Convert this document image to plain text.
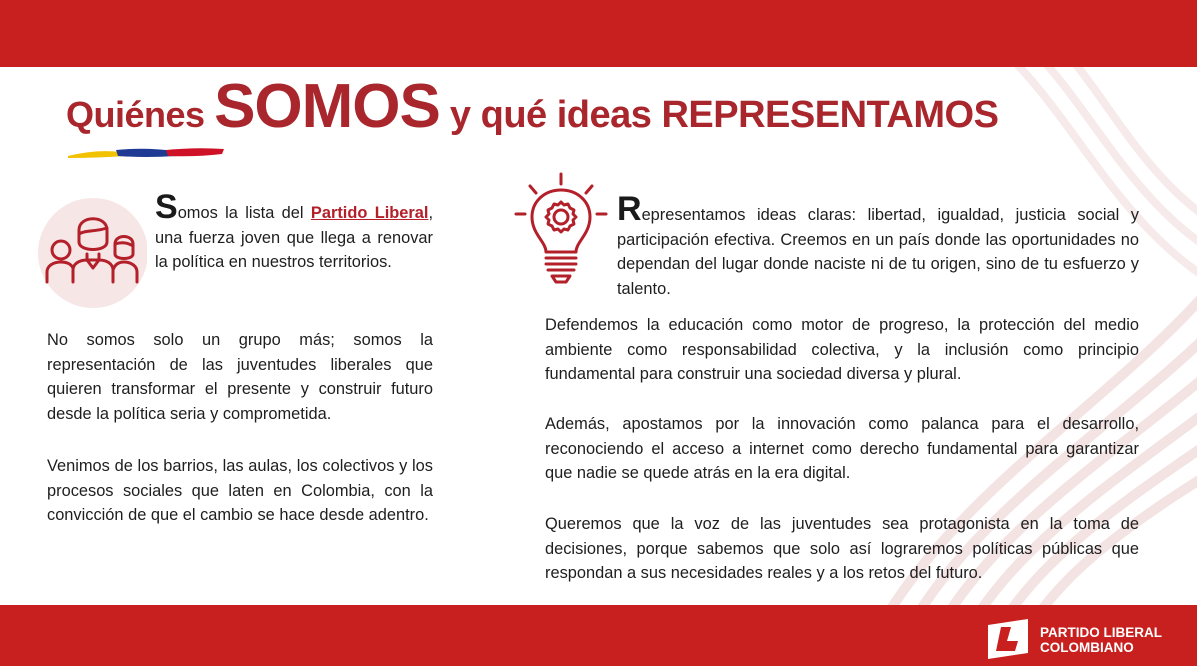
Quiénes SOMOS y qué ideas REPRESENTAMOS
Somos la lista del Partido Liberal, una fuerza joven que llega a renovar la política en nuestros territorios.
No somos solo un grupo más; somos la representación de las juventudes liberales que quieren transformar el presente y construir futuro desde la política seria y comprometida.
Venimos de los barrios, las aulas, los colectivos y los procesos sociales que laten en Colombia, con la convicción de que el cambio se hace desde adentro.
Representamos ideas claras: libertad, igualdad, justicia social y participación efectiva. Creemos en un país donde las oportunidades no dependan del lugar donde naciste ni de tu origen, sino de tu esfuerzo y talento.
Defendemos la educación como motor de progreso, la protección del medio ambiente como responsabilidad colectiva, y la inclusión como principio fundamental para construir una sociedad diversa y plural.
Además, apostamos por la innovación como palanca para el desarrollo, reconociendo el acceso a internet como derecho fundamental para garantizar que nadie se quede atrás en la era digital.
Queremos que la voz de las juventudes sea protagonista en la toma de decisiones, porque sabemos que solo así lograremos políticas públicas que respondan a sus necesidades reales y a los retos del futuro.
PARTIDO LIBERAL
COLOMBIANO
